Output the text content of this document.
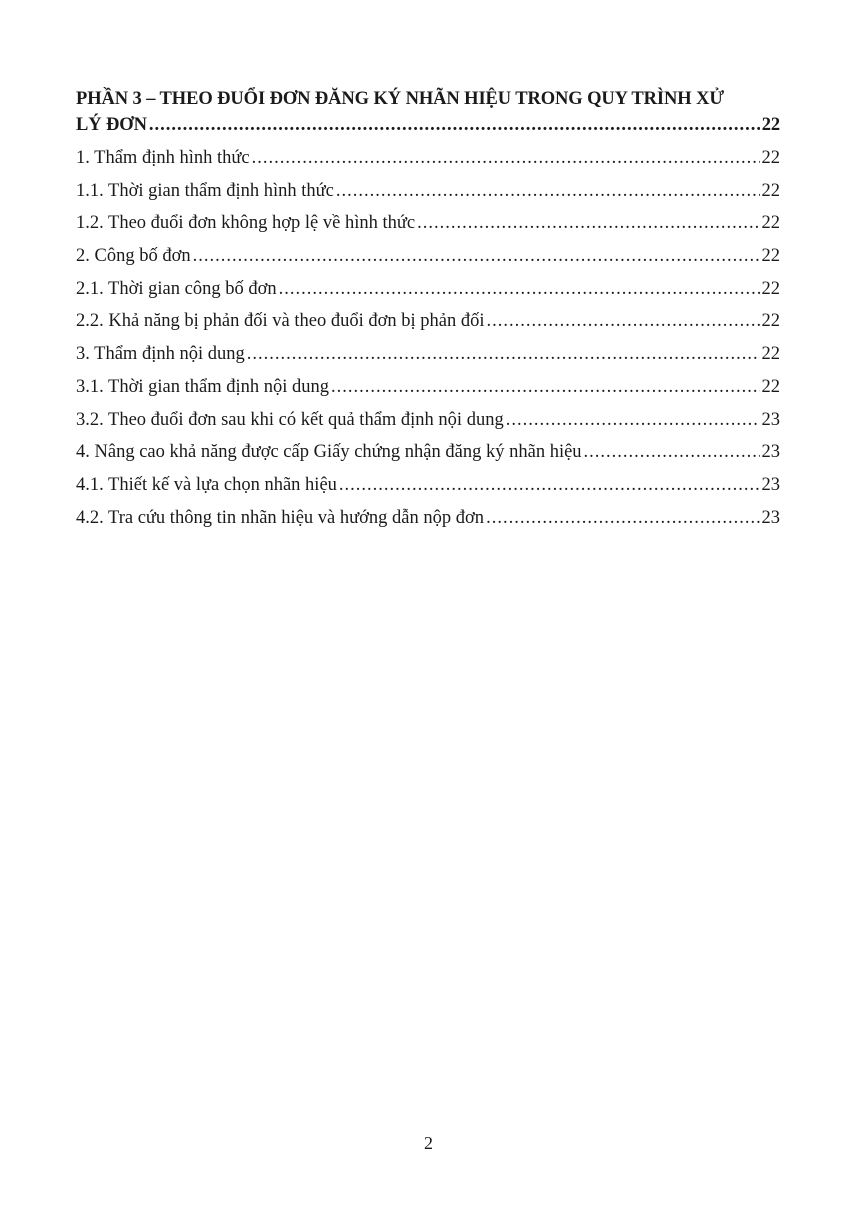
PHẦN 3 – THEO ĐUỔI ĐƠN ĐĂNG KÝ NHÃN HIỆU TRONG QUY TRÌNH XỬ
LÝ ĐƠN .....	22
1. Thẩm định hình thức .....	22
1.1. Thời gian thẩm định hình thức .....	22
1.2. Theo đuổi đơn không hợp lệ về hình thức .....	22
2. Công bố đơn .....	22
2.1. Thời gian công bố đơn .....	22
2.2. Khả năng bị phản đối và theo đuổi đơn bị phản đối .....	22
3. Thẩm định nội dung .....	22
3.1. Thời gian thẩm định nội dung .....	22
3.2. Theo đuổi đơn sau khi có kết quả thẩm định nội dung .....	23
4. Nâng cao khả năng được cấp Giấy chứng nhận đăng ký nhãn hiệu .....	23
4.1. Thiết kế và lựa chọn nhãn hiệu .....	23
4.2. Tra cứu thông tin nhãn hiệu và hướng dẫn nộp đơn .....	23
2
